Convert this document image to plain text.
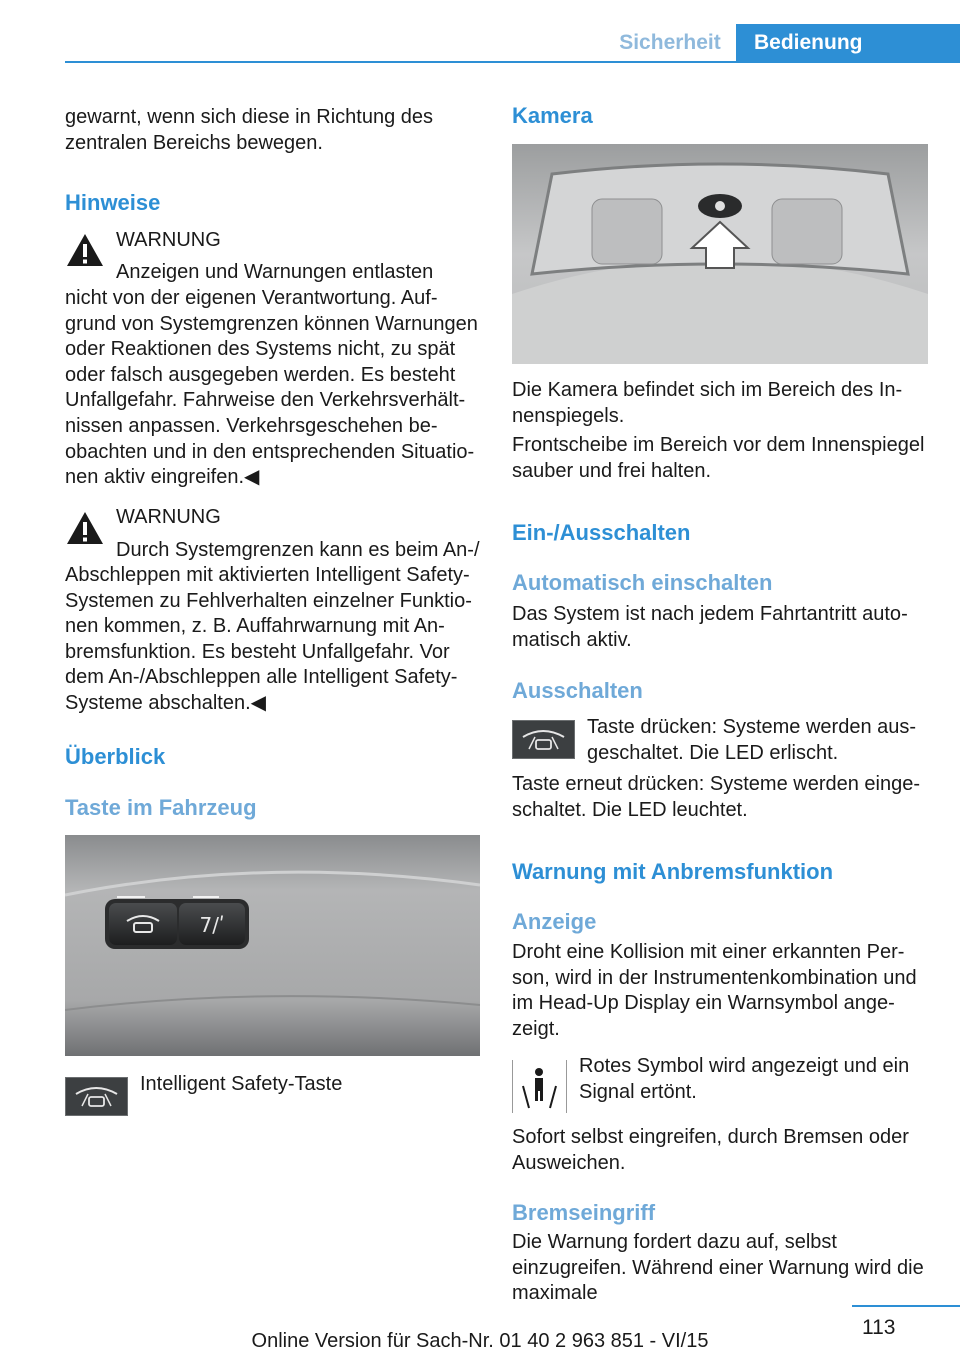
Sicherheit	Bedienung

gewarnt, wenn sich diese in Richtung des zentralen Bereichs bewegen.

Hinweise
WARNUNG
Anzeigen und Warnungen entlasten

nicht von der eigenen Verantwortung. Aufgrund von Systemgrenzen können Warnungen oder Reaktionen des Systems nicht, zu spät oder falsch ausgegeben werden. Es besteht Unfallgefahr. Fahrweise den Verkehrsverhältnissen anpassen. Verkehrsgeschehen beobachten und in den entsprechenden Situationen aktiv eingreifen.◀

WARNUNG
Durch Systemgrenzen kann es beim An-/

Abschleppen mit aktivierten Intelligent Safety-Systemen zu Fehlverhalten einzelner Funktionen kommen, z. B. Auffahrwarnung mit Anbremsfunktion. Es besteht Unfallgefahr. Vor dem An-/Abschleppen alle Intelligent Safety-Systeme abschalten.◀

Überblick
Taste im Fahrzeug
7/ʹ
Intelligent Safety-Taste
Kamera

Die Kamera befindet sich im Bereich des Innenspiegels.

Frontscheibe im Bereich vor dem Innenspiegel sauber und frei halten.

Ein-/Ausschalten
Automatisch einschalten

Das System ist nach jedem Fahrtantritt automatisch aktiv.

Ausschalten

Taste drücken: Systeme werden ausgeschaltet. Die LED erlischt.

Taste erneut drücken: Systeme werden eingeschaltet. Die LED leuchtet.

Warnung mit Anbremsfunktion
Anzeige

Droht eine Kollision mit einer erkannten Person, wird in der Instrumentenkombination und im Head-Up Display ein Warnsymbol angezeigt.

Rotes Symbol wird angezeigt und ein Signal ertönt.

Sofort selbst eingreifen, durch Bremsen oder Ausweichen.

Bremseingriff

Die Warnung fordert dazu auf, selbst einzugreifen. Während einer Warnung wird die maximale

113
Online Version für Sach-Nr. 01 40 2 963 851 - VI/15
